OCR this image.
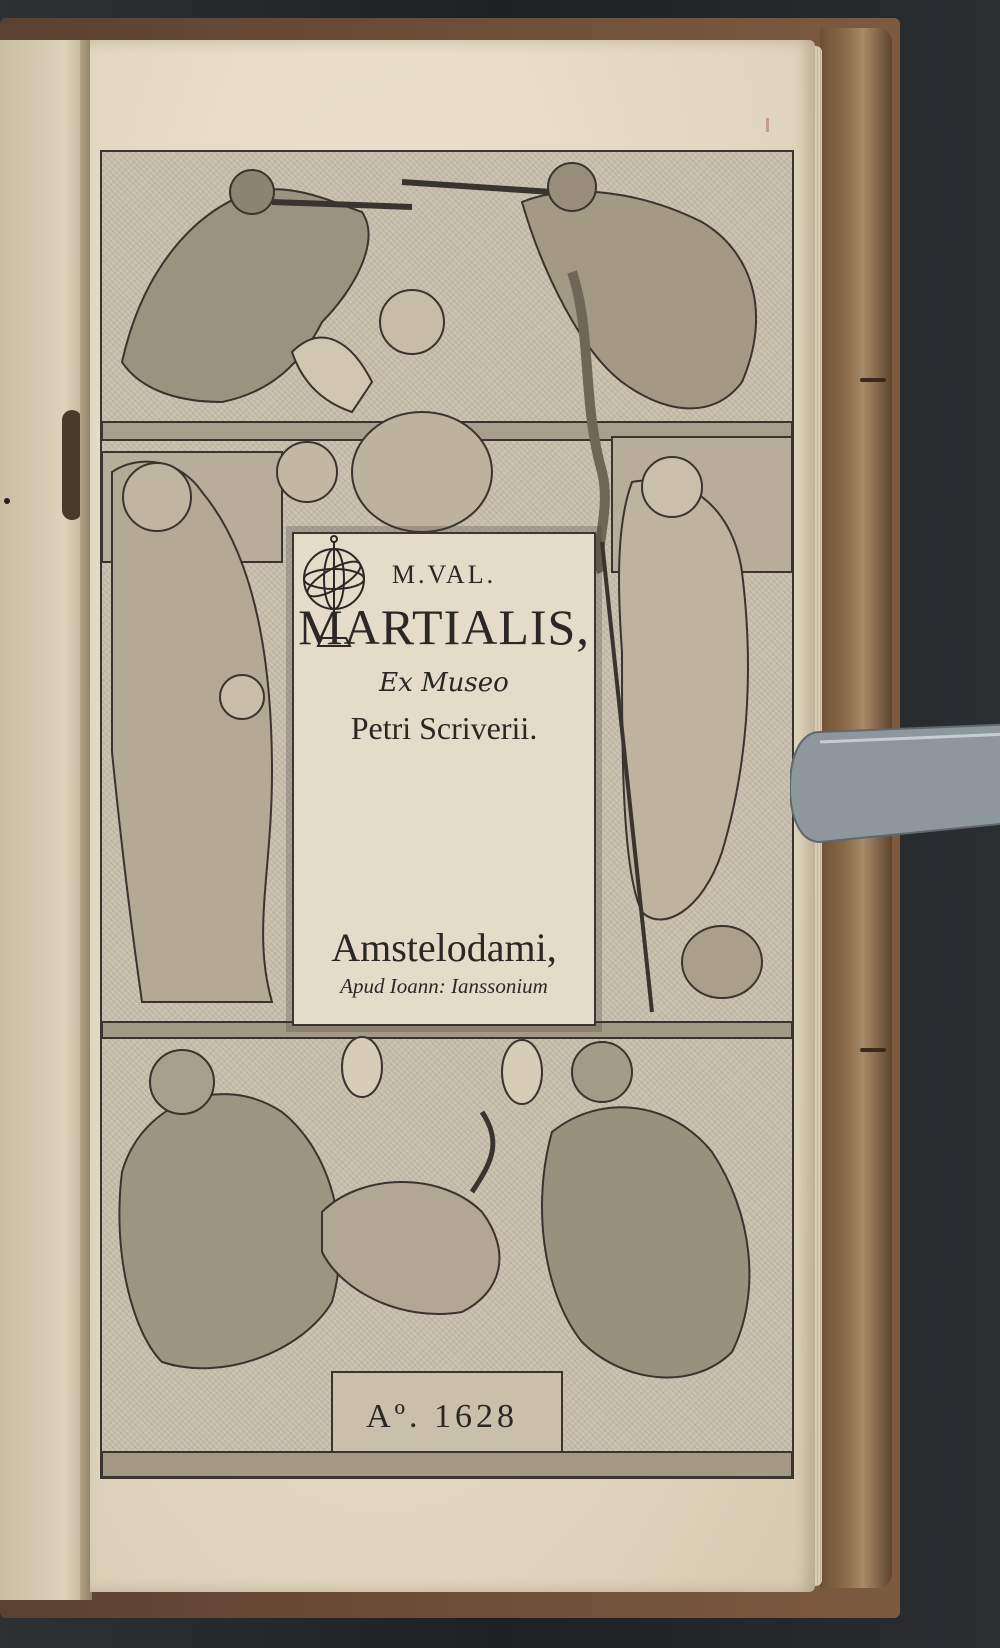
M.VAL.
MARTIALIS,
Ex Museo
Petri Scriverii.
Amstelodami,
Apud Ioann: Ianssonium
Aº. 1628
